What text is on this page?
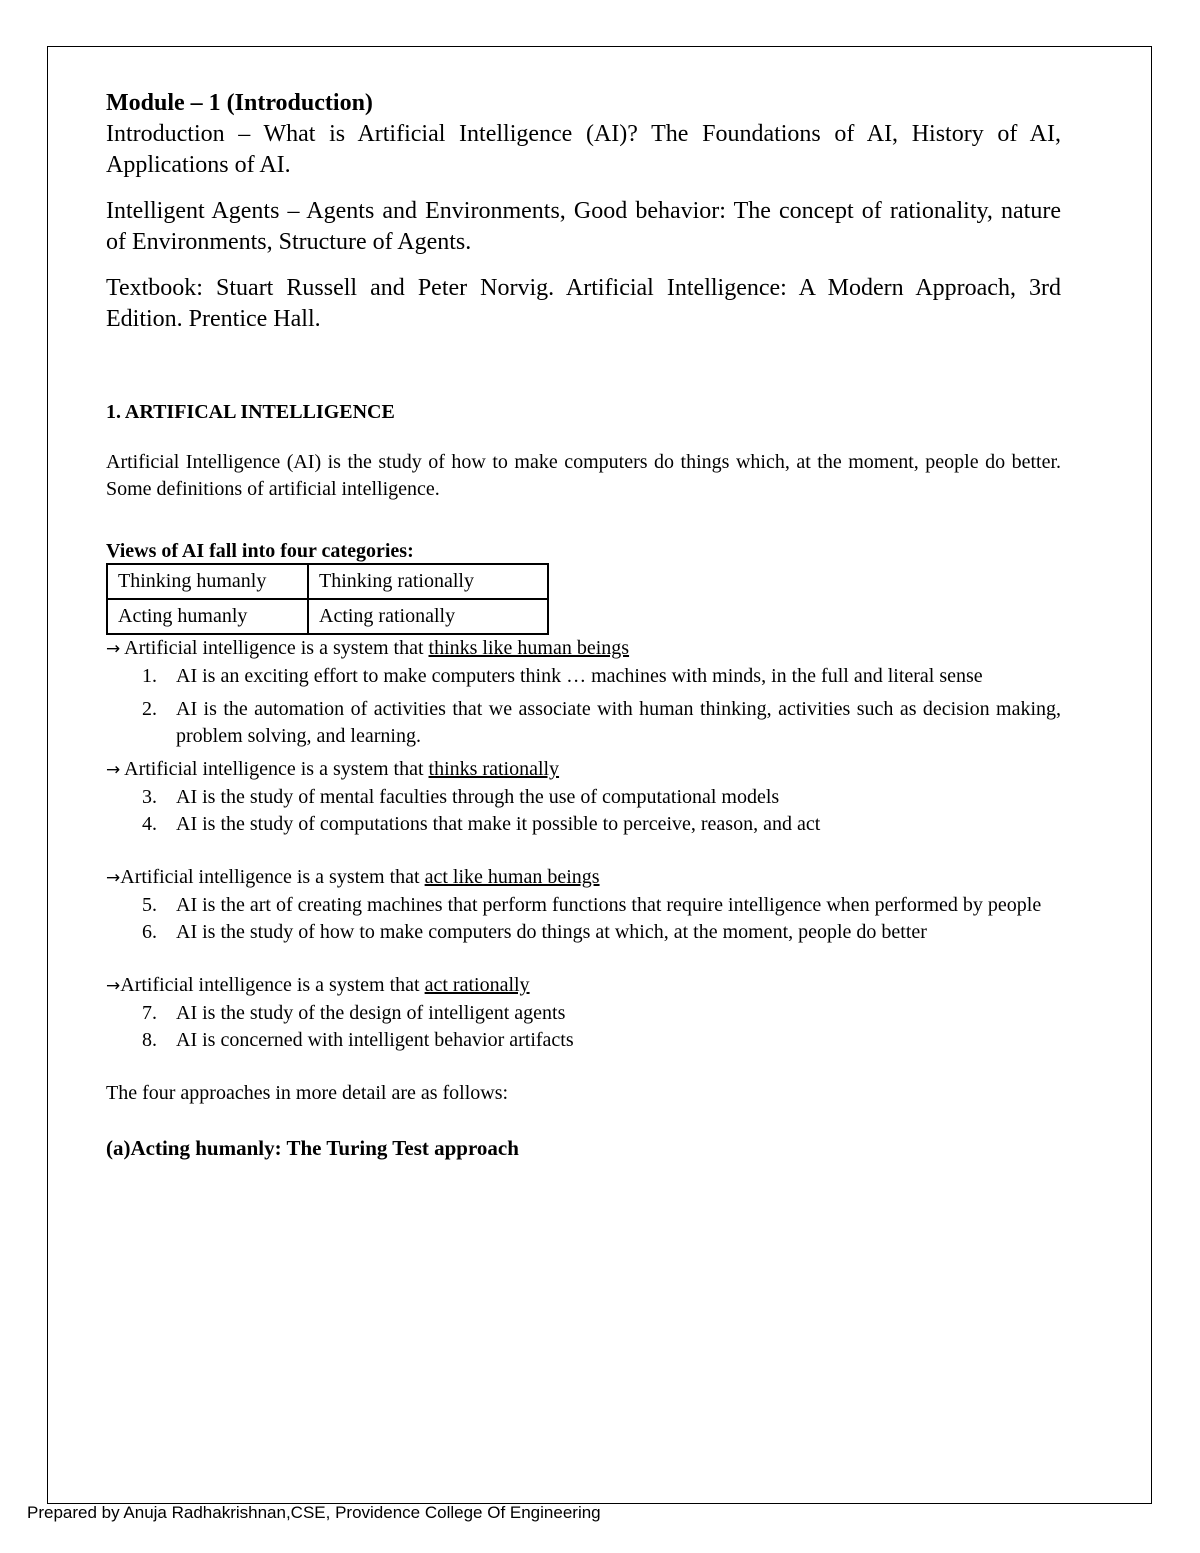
Module – 1 (Introduction)

Introduction – What is Artificial Intelligence (AI)? The Foundations of AI, History of AI, Applications of AI.

Intelligent Agents – Agents and Environments, Good behavior: The concept of rationality, nature of Environments, Structure of Agents.

Textbook: Stuart Russell and Peter Norvig. Artificial Intelligence: A Modern Approach, 3rd Edition. Prentice Hall.

1. ARTIFICAL INTELLIGENCE

Artificial Intelligence (AI) is the study of how to make computers do things which, at the moment, people do better. Some definitions of artificial intelligence.

Views of AI fall into four categories:

Thinking humanly	Thinking rationally
Acting humanly	Acting rationally

→ Artificial intelligence is a system that thinks like human beings

1. AI is an exciting effort to make computers think … machines with minds, in the full and literal sense
2. AI is the automation of activities that we associate with human thinking, activities such as decision making, problem solving, and learning.

→ Artificial intelligence is a system that thinks rationally

3. AI is the study of mental faculties through the use of computational models
4. AI is the study of computations that make it possible to perceive, reason, and act

→Artificial intelligence is a system that act like human beings

5. AI is the art of creating machines that perform functions that require intelligence when performed by people
6. AI is the study of how to make computers do things at which, at the moment, people do better

→Artificial intelligence is a system that act rationally

7. AI is the study of the design of intelligent agents
8. AI is concerned with intelligent behavior artifacts

The four approaches in more detail are as follows:

(a)Acting humanly: The Turing Test approach

Prepared by Anuja Radhakrishnan,CSE, Providence College Of Engineering
